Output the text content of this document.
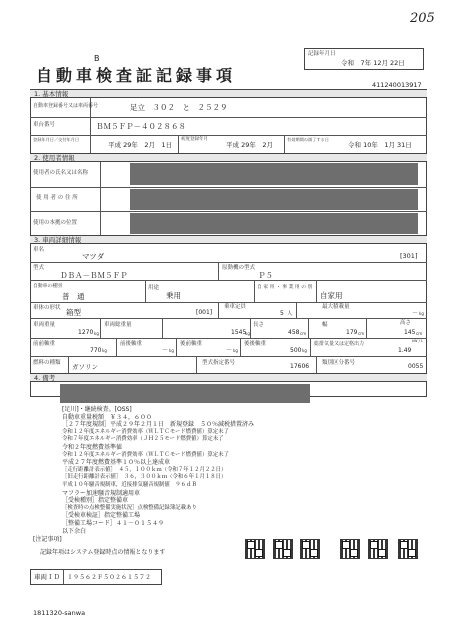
205
B
自動車検査証記録事項
記録年月日
令和　7年 12月 22日
411240013917
1. 基本情報
自動車登録番号又は車両番号	足立　３０２　と　２５２９
車台番号	ＢＭ５ＦＰ－４０２８６８
登録年月日／交付年月日
平成 29年　2月　1日
初度登録年月
平成 29年　2月
有効期間の満了する日
令和 10年　1月 31日
2. 使用者情報
使用者の氏名又は名称
使 用 者 の 住 所
使用の本拠の位置
3. 車両詳細情報
車名
マツダ	[301]
型式
ＤＢＡ－ＢＭ５ＦＰ
原動機の型式
Ｐ５
自動車の種別
普　通
用途
乗用
自 家 用 ・ 事 業 用 の 別
自家用
車体の形状 箱型	[001]
乗車定員
5 人
最大積載量
－ kg
車両重量
1270 kg
車両総重量
1545
kg
長さ
458 cm
幅
179 cm
高さ
145 cm
前前軸重
770 kg
前後軸重
－ kg
後前軸重
－ kg
後後軸重
500 kg
総排気量又は定格出力
1.49
kW / L
燃料の種類 ガソリン	型式指定番号	17606 類別区分番号	0055
4. 備考
[足川]・継続検査。[OSS]
自動車重量税額　￥３４，６００
［２７年度規制］平成２９年２月１日　新規登録　５０％減税措置済み
令和１２年度エネルギー消費効率（ＷＬＴＣモード燃費値）算定未了
令和７年度エネルギー消費効率（ＪＨ２５モード燃費値）算定未了
令和２年度燃費基準値
令和１２年度エネルギー消費効率（ＷＬＴＣモード燃費値）算定未了
平成２７年度燃費基準１０％以上達成車
［走行距離計表示値］　４５，１００ｋｍ（令和７年１２月２２日）
［旧走行距離計表示値］　３６，３００ｋｍ（令和６年１月１８日）
平成１０年騒音規制車，近接排気騒音規制値　９６ｄＢ
マフラー加速騒音規制適用車
［受検種別］指定整備車
［検査時の点検整備実施状況］点検整備記録簿記載あり
［受検車検証］指定整備工場
［整備工場コード］４１－０１５４９
以下余白
[注記事項]
記録年項はシステム登録時点の情報となります
車両ＩＤ Ｉ９５６２Ｆ５０２６１５７２
1811320-sanwa
